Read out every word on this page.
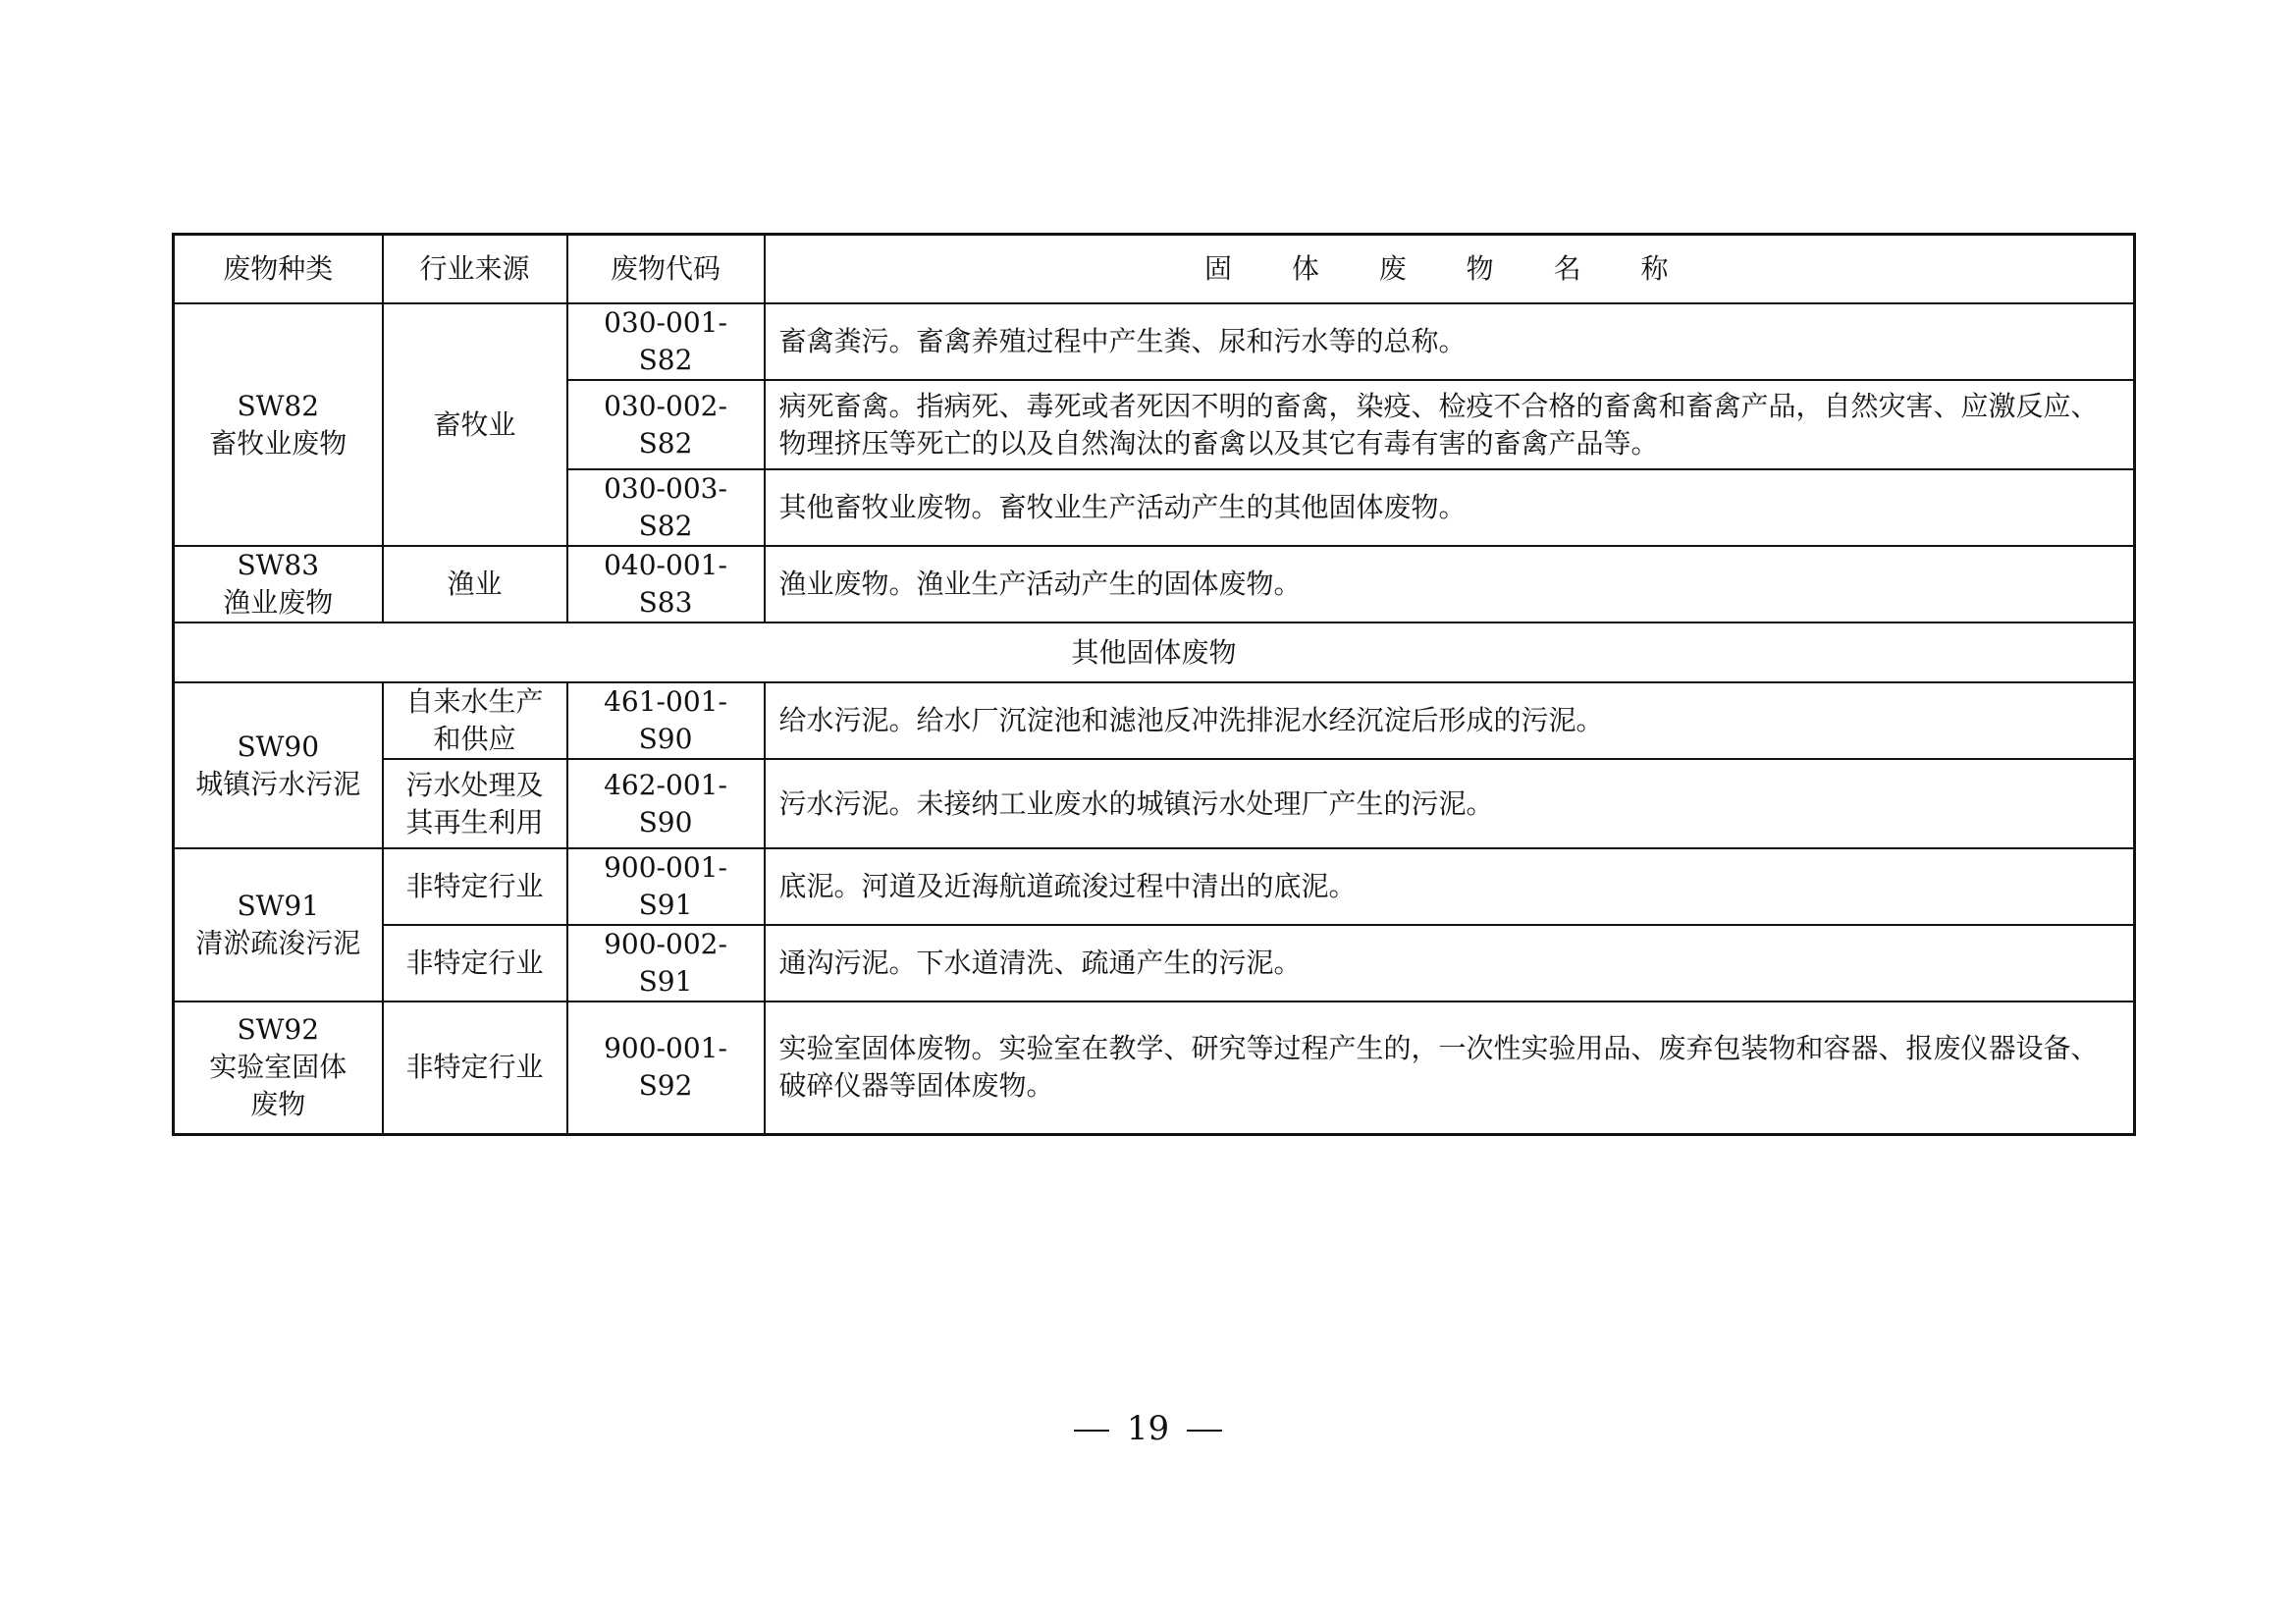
废物种类	行业来源	废物代码	固 体 废 物 名 称

SW82
畜牧业废物	畜牧业	030-001-S82	畜禽粪污。畜禽养殖过程中产生粪、尿和污水等的总称。
		030-002-S82	病死畜禽。指病死、毒死或者死因不明的畜禽，染疫、检疫不合格的畜禽和畜禽产品，自然灾害、应激反应、物理挤压等死亡的以及自然淘汰的畜禽以及其它有毒有害的畜禽产品等。
		030-003-S82	其他畜牧业废物。畜牧业生产活动产生的其他固体废物。

SW83
渔业废物	渔业	040-001-S83	渔业废物。渔业生产活动产生的固体废物。
其他固体废物			

SW90
城镇污水污泥	自来水生产和供应	461-001-S90	给水污泥。给水厂沉淀池和滤池反冲洗排泥水经沉淀后形成的污泥。
	污水处理及其再生利用	462-001-S90	污水污泥。未接纳工业废水的城镇污水处理厂产生的污泥。

SW91
清淤疏浚污泥	非特定行业	900-001-S91	底泥。河道及近海航道疏浚过程中清出的底泥。
	非特定行业	900-002-S91	通沟污泥。下水道清洗、疏通产生的污泥。

SW92
实验室固体废物	非特定行业	900-001-S92	实验室固体废物。实验室在教学、研究等过程产生的，一次性实验用品、废弃包装物和容器、报废仪器设备、破碎仪器等固体废物。
19
